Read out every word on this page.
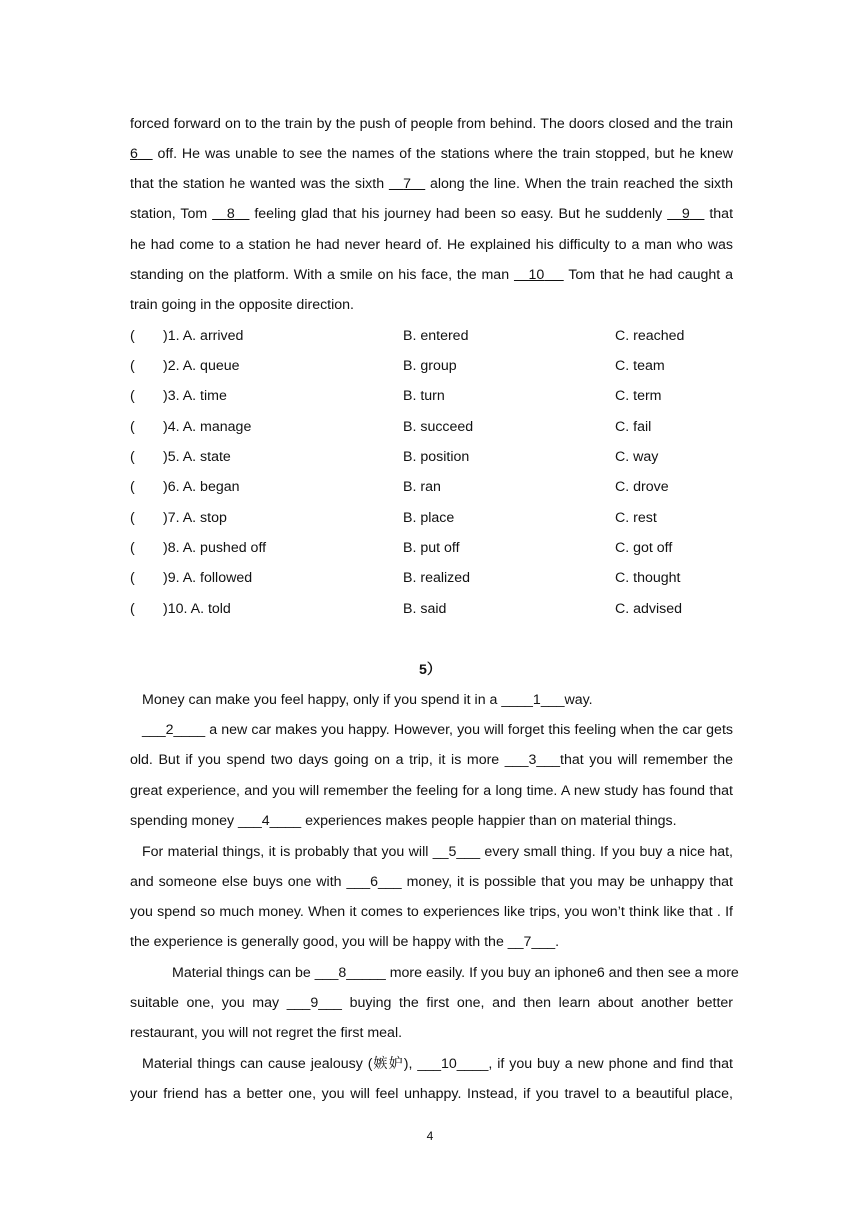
forced forward on to the train by the push of people from behind. The doors closed and the train
6    off. He was unable to see the names of the stations where the train stopped, but he knew
that the station he wanted was the sixth    7    along the line. When the train reached the sixth
station, Tom    8    feeling glad that his journey had been so easy. But he suddenly    9    that
he had come to a station he had never heard of. He explained his difficulty to a man who was
standing on the platform. With a smile on his face, the man    10     Tom that he had caught a
train going in the opposite direction.
( )1. A. arrived	B. entered	C. reached
( )2. A. queue	B. group	C. team
( )3. A. time	B. turn	C. term
( )4. A. manage	B. succeed	C. fail
( )5. A. state	B. position	C. way
( )6. A. began	B. ran	C. drove
( )7. A. stop	B. place	C. rest
( )8. A. pushed off	B. put off	C. got off
( )9. A. followed	B. realized	C. thought
( )10. A. told	B. said	C. advised
5）
Money can make you feel happy, only if you spend it in a ____1___way.
___2____ a new car makes you happy. However, you will forget this feeling when the car gets
old. But if you spend two days going on a trip, it is more ___3___that you will remember the
great experience, and you will remember the feeling for a long time. A new study has found that
spending money ___4____ experiences makes people happier than on material things.
For material things, it is probably that you will __5___ every small thing. If you buy a nice hat,
and someone else buys one with ___6___ money, it is possible that you may be unhappy that
you spend so much money. When it comes to experiences like trips, you won’t think like that . If
the experience is generally good, you will be happy with the __7___.
Material things can be ___8_____ more easily. If you buy an iphone6 and then see a more
suitable one, you may ___9___ buying the first one, and then learn about another better
restaurant, you will not regret the first meal.
Material things can cause jealousy (嫉妒), ___10____, if you buy a new phone and find that
your friend has a better one, you will feel unhappy. Instead, if you travel to a beautiful place,
4
